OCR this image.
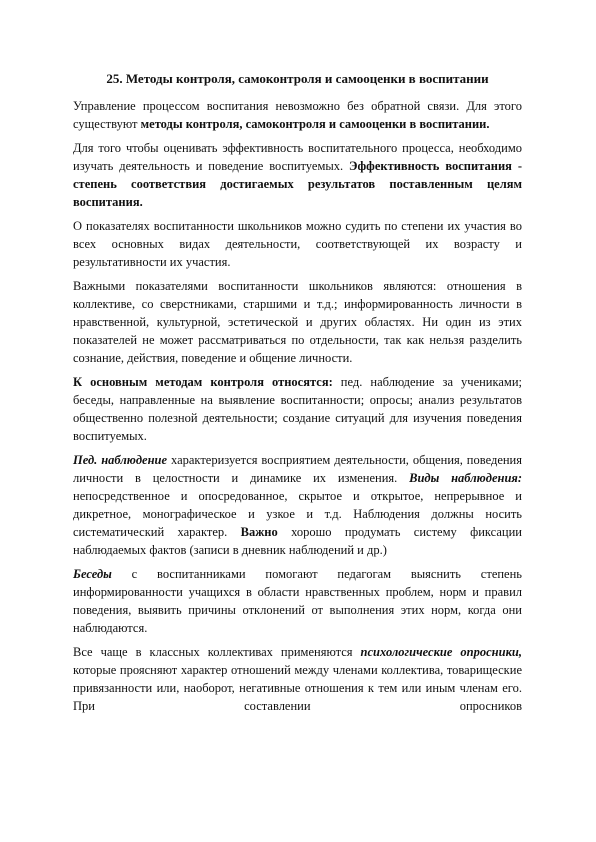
25. Методы контроля, самоконтроля и самооценки в воспитании

Управление процессом воспитания невозможно без обратной связи. Для этого существуют методы контроля, самоконтроля и самооценки в воспитании.

Для того чтобы оценивать эффективность воспитательного процесса, необходимо изучать деятельность и поведение воспитуемых. Эффективность воспитания - степень соответствия достигаемых результатов поставленным целям воспитания.

О показателях воспитанности школьников можно судить по степени их участия во всех основных видах деятельности, соответствующей их возрасту и результативности их участия.

Важными показателями воспитанности школьников являются: отношения в коллективе, со сверстниками, старшими и т.д.; информированность личности в нравственной, культурной, эстетической и других областях. Ни один из этих показателей не может рассматриваться по отдельности, так как нельзя разделить сознание, действия, поведение и общение личности.

К основным методам контроля относятся: пед. наблюдение за учениками; беседы, направленные на выявление воспитанности; опросы; анализ результатов общественно полезной деятельности; создание ситуаций для изучения поведения воспитуемых.

Пед. наблюдение характеризуется восприятием деятельности, общения, поведения личности в целостности и динамике их изменения. Виды наблюдения: непосредственное и опосредованное, скрытое и открытое, непрерывное и дикретное, монографическое и узкое и т.д. Наблюдения должны носить систематический характер. Важно хорошо продумать систему фиксации наблюдаемых фактов (записи в дневник наблюдений и др.)

Беседы с воспитанниками помогают педагогам выяснить степень информированности учащихся в области нравственных проблем, норм и правил поведения, выявить причины отклонений от выполнения этих норм, когда они наблюдаются.

Все чаще в классных коллективах применяются психологические опросники, которые проясняют характер отношений между членами коллектива, товарищеские привязанности или, наоборот, негативные отношения к тем или иным членам его. При составлении опросников
